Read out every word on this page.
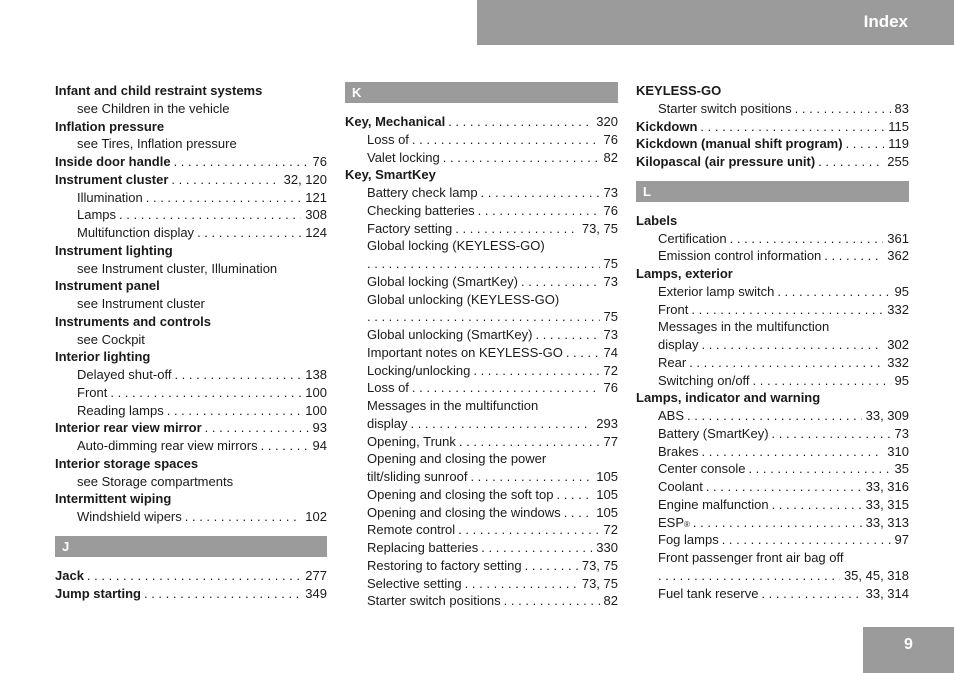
Index
Infant and child restraint systems
see Children in the vehicle
Inflation pressure
see Tires, Inflation pressure
Inside door handle . . .	76
Instrument cluster . . .	32, 120
Illumination . . .	121
Lamps . . .	308
Multifunction display . . .	124
Instrument lighting
see Instrument cluster, Illumination
Instrument panel
see Instrument cluster
Instruments and controls
see Cockpit
Interior lighting
Delayed shut-off . . .	138
Front . . .	100
Reading lamps . . .	100
Interior rear view mirror . . .	93
Auto-dimming rear view mirrors . . .	94
Interior storage spaces
see Storage compartments
Intermittent wiping
Windshield wipers . . .	102
J
Jack . . .	277
Jump starting . . .	349
K
Key, Mechanical . . .	320
Loss of . . .	76
Valet locking . . .	82
Key, SmartKey
Battery check lamp . . .	73
Checking batteries . . .	76
Factory setting . . .	73, 75
Global locking (KEYLESS-GO)
. . .
75
Global locking (SmartKey) . . .	73
Global unlocking (KEYLESS-GO)
. . .
75
Global unlocking (SmartKey) . . .	73
Important notes on KEYLESS-GO . . .	74
Locking/unlocking . . .	72
Loss of . . .	76
Messages in the multifunction
display . . .	293
Opening, Trunk . . .	77
Opening and closing the power
tilt/sliding sunroof . . .	105
Opening and closing the soft top . . .	105
Opening and closing the windows . . .	105
Remote control . . .	72
Replacing batteries . . .	330
Restoring to factory setting . . .	73, 75
Selective setting . . .	73, 75
Starter switch positions . . .	82
KEYLESS-GO
Starter switch positions . . .	83
Kickdown . . .	115
Kickdown (manual shift program) . . .	119
Kilopascal (air pressure unit) . . .	255
L
Labels
Certification . . .	361
Emission control information . . .	362
Lamps, exterior
Exterior lamp switch . . .	95
Front . . .	332
Messages in the multifunction
display . . .	302
Rear . . .	332
Switching on/off . . .	95
Lamps, indicator and warning
ABS . . .	33, 309
Battery (SmartKey) . . .	73
Brakes . . .	310
Center console . . .	35
Coolant . . .	33, 316
Engine malfunction . . .	33, 315
ESP ® . . .	33, 313
Fog lamps . . .	97
Front passenger front air bag off
. . .
35, 45, 318
Fuel tank reserve . . .	33, 314
9
